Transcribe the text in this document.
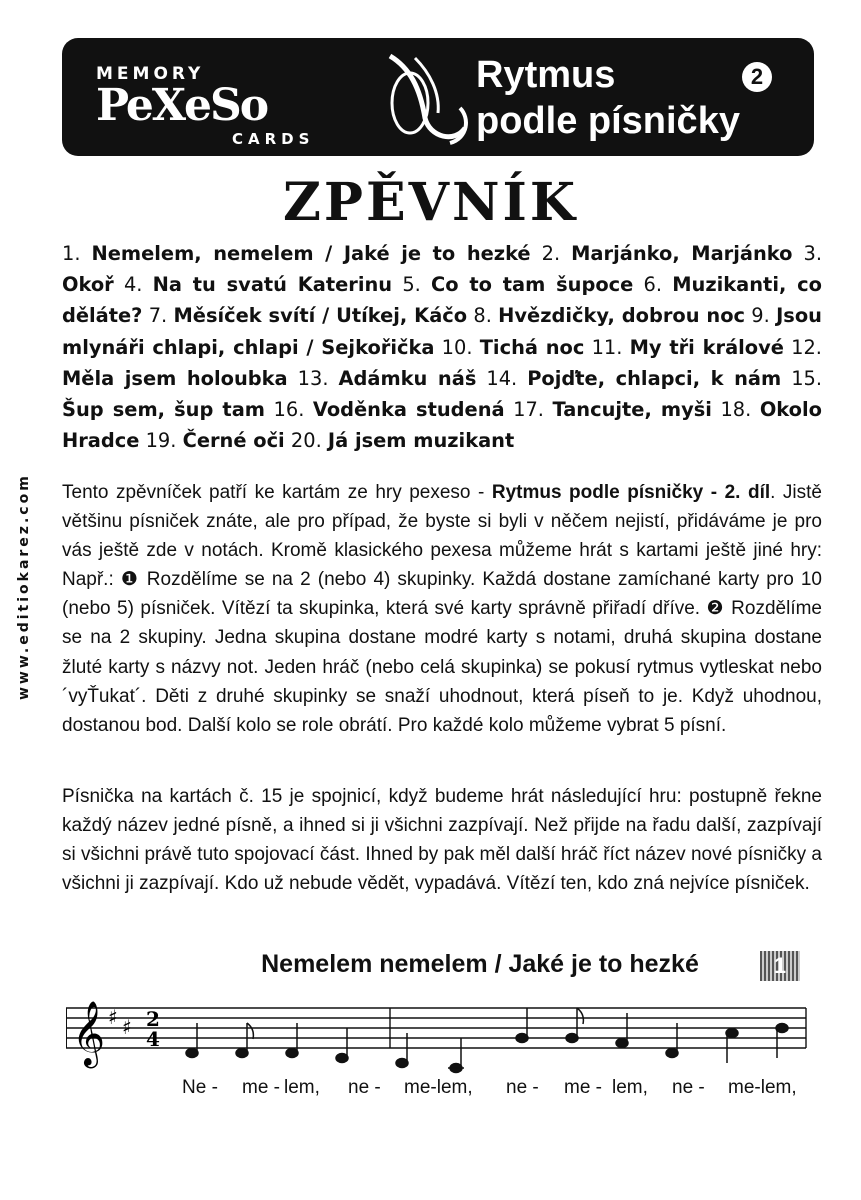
MEMORY
PeXeSo
CARDS
Rytmus
podle písničky
2
ZPĚVNÍK
1. Nemelem, nemelem / Jaké je to hezké 2. Marjánko, Marjánko 3. Okoř 4. Na tu svatú Katerinu 5. Co to tam šupoce 6. Muzikanti, co děláte? 7. Měsíček svítí / Utíkej, Káčo 8. Hvězdičky, dobrou noc 9. Jsou mlynáři chlapi, chlapi / Sejkořička 10. Tichá noc 11. My tři králové 12. Měla jsem holoubka 13. Adámku náš 14. Pojďte, chlapci, k nám 15. Šup sem, šup tam 16. Voděnka studená 17. Tancujte, myši 18. Okolo Hradce 19. Černé oči 20. Já jsem muzikant
www.editiokarez.com Tento zpěvníček patří ke kartám ze hry pexeso - Rytmus podle písničky - 2. díl. Jistě většinu písniček znáte, ale pro případ, že byste si byli v něčem nejistí, přidáváme je pro vás ještě zde v notách. Kromě klasického pexesa můžeme hrát s kartami ještě jiné hry: Např.: ❶ Rozdělíme se na 2 (nebo 4) skupinky. Každá dostane zamíchané karty pro 10 (nebo 5) písniček. Vítězí ta skupinka, která své karty správně přiřadí dříve. ❷ Rozdělíme se na 2 skupiny. Jedna skupina dostane modré karty s notami, druhá skupina dostane žluté karty s názvy not. Jeden hráč (nebo celá skupinka) se pokusí rytmus vytleskat nebo ´vyŤukat´. Děti z druhé skupinky se snaží uhodnout, která píseň to je. Když uhodnou, dostanou bod. Další kolo se role obrátí. Pro každé kolo můžeme vybrat 5 písní.
Písnička na kartách č. 15 je spojnicí, když budeme hrát následující hru: postupně řekne každý název jedné písně, a ihned si ji všichni zazpívají. Než přijde na řadu další, zazpívají si všichni právě tuto spojovací část. Ihned by pak měl další hráč říct název nové písničky a všichni ji zazpívají. Kdo už nebude vědět, vypadává. Vítězí ten, kdo zná nejvíce písniček.
Nemelem nemelem / Jaké je to hezké	1
𝄞 ♯ ♯ 2
4
Ne - me - lem, ne - me-lem, ne - me - lem, ne - me-lem,
